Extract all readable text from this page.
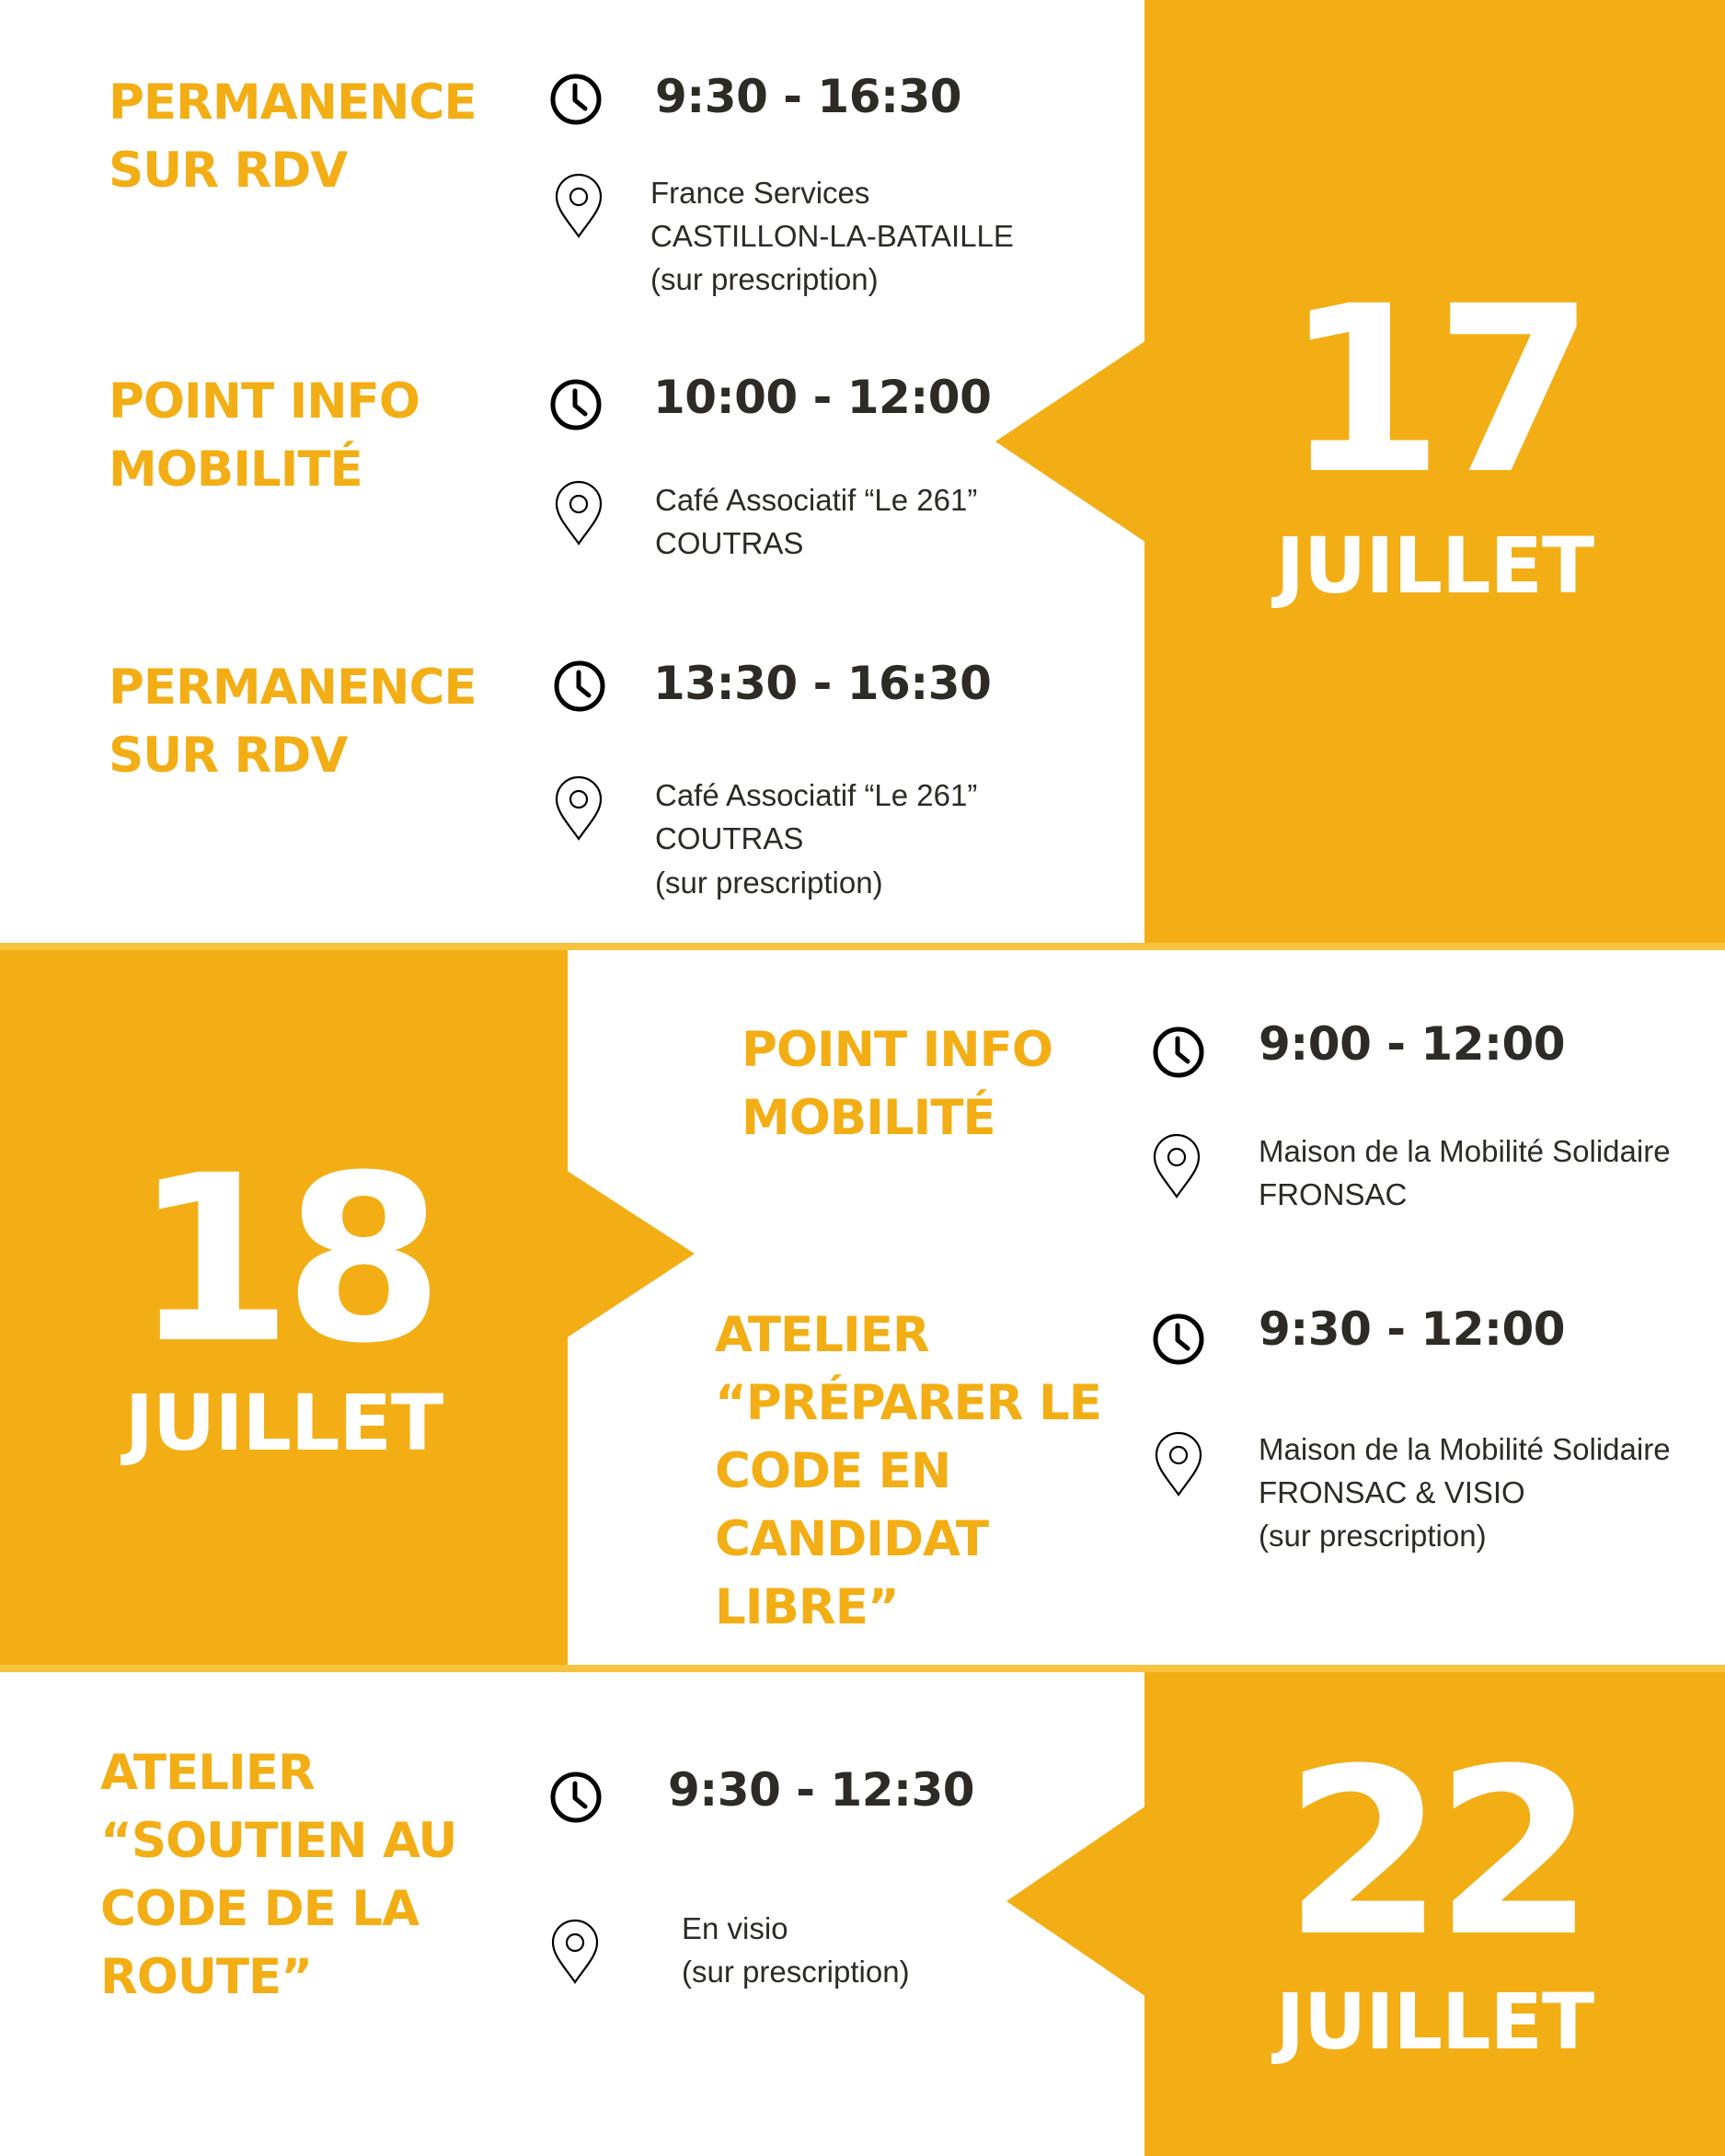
17
JUILLET
PERMANENCE
SUR RDV
9:30 - 16:30
France Services
CASTILLON-LA-BATAILLE
(sur prescription)
POINT INFO
MOBILITÉ
10:00 - 12:00
Café Associatif “Le 261”
COUTRAS
PERMANENCE
SUR RDV
13:30 - 16:30
Café Associatif “Le 261”
COUTRAS
(sur prescription)
18
JUILLET
POINT INFO
MOBILITÉ
9:00 - 12:00
Maison de la Mobilité Solidaire
FRONSAC
ATELIER
“PRÉPARER LE
CODE EN
CANDIDAT
LIBRE”
9:30 - 12:00
Maison de la Mobilité Solidaire
FRONSAC & VISIO
(sur prescription)
22
JUILLET
ATELIER
“SOUTIEN AU
CODE DE LA
ROUTE”
9:30 - 12:30
En visio
(sur prescription)
